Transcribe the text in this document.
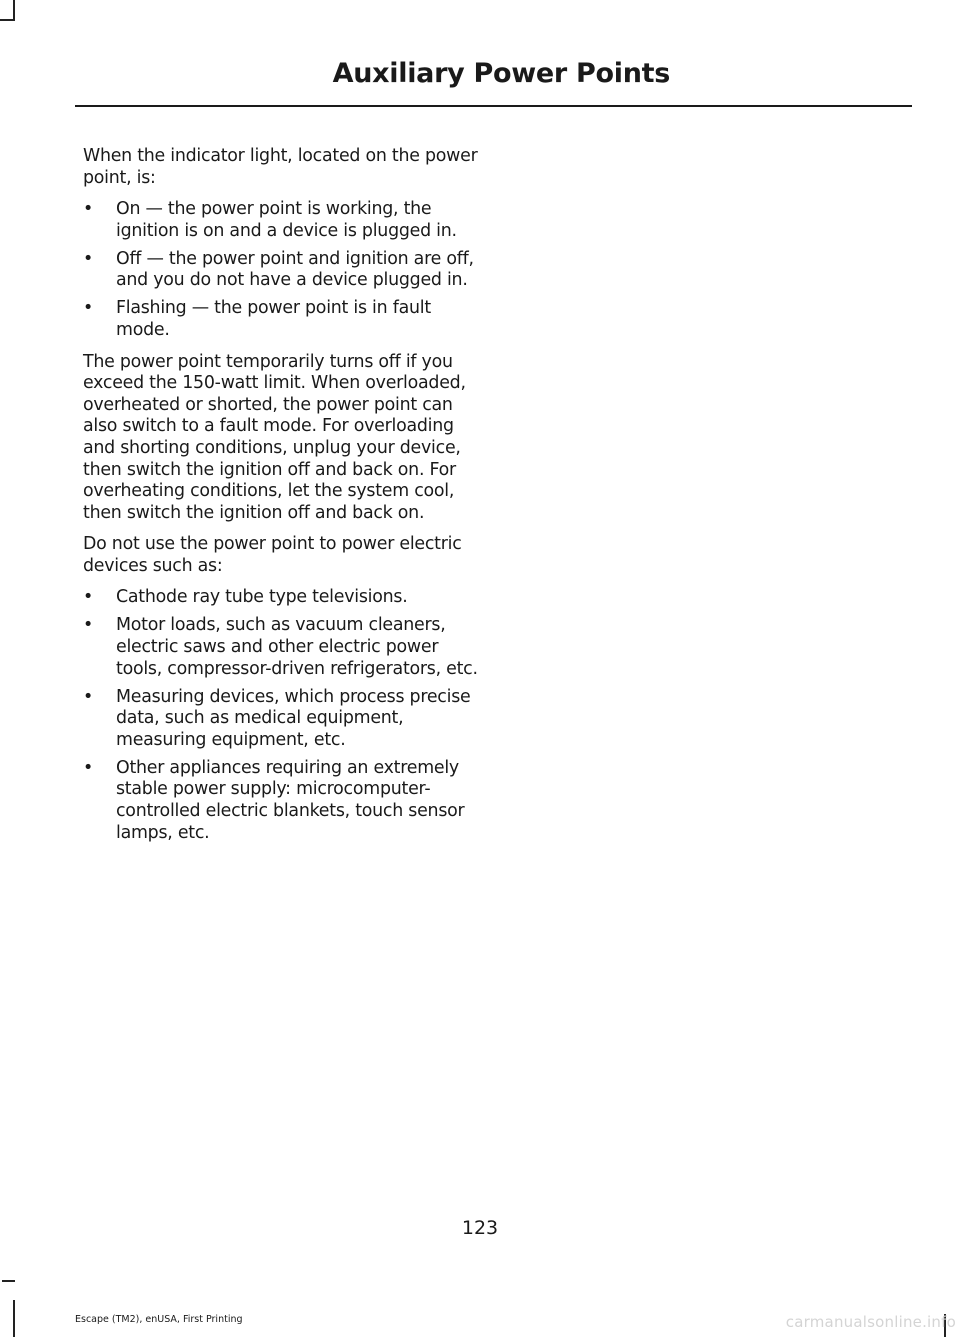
Auxiliary Power Points

When the indicator light, located on the power point, is:

• On — the power point is working, the ignition is on and a device is plugged in.
• Off — the power point and ignition are off, and you do not have a device plugged in.
• Flashing — the power point is in fault mode.

The power point temporarily turns off if you exceed the 150-watt limit. When overloaded, overheated or shorted, the power point can also switch to a fault mode. For overloading and shorting conditions, unplug your device, then switch the ignition off and back on. For overheating conditions, let the system cool, then switch the ignition off and back on.

Do not use the power point to power electric devices such as:

• Cathode ray tube type televisions.
• Motor loads, such as vacuum cleaners, electric saws and other electric power tools, compressor-driven refrigerators, etc.
• Measuring devices, which process precise data, such as medical equipment, measuring equipment, etc.
• Other appliances requiring an extremely stable power supply: microcomputer-controlled electric blankets, touch sensor lamps, etc.
123
Escape (TM2), enUSA, First Printing	carmanualsonline.info
